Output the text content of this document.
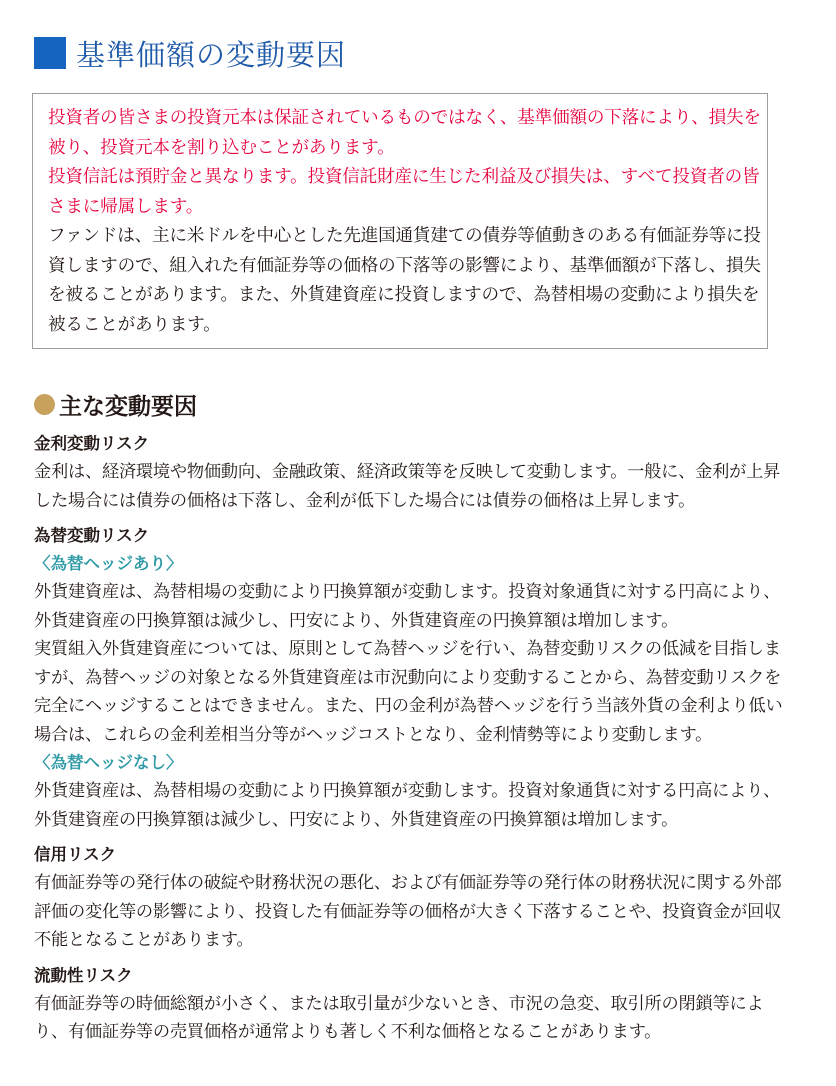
基準価額の変動要因

投資者の皆さまの投資元本は保証されているものではなく、基準価額の下落により、損失を被り、投資元本を割り込むことがあります。

投資信託は預貯金と異なります。投資信託財産に生じた利益及び損失は、すべて投資者の皆さまに帰属します。

ファンドは、主に米ドルを中心とした先進国通貨建ての債券等値動きのある有価証券等に投資しますので、組入れた有価証券等の価格の下落等の影響により、基準価額が下落し、損失を被ることがあります。また、外貨建資産に投資しますので、為替相場の変動により損失を被ることがあります。

主な変動要因
金利変動リスク

金利は、経済環境や物価動向、金融政策、経済政策等を反映して変動します。一般に、金利が上昇した場合には債券の価格は下落し、金利が低下した場合には債券の価格は上昇します。

為替変動リスク
〈為替ヘッジあり〉

外貨建資産は、為替相場の変動により円換算額が変動します。投資対象通貨に対する円高により、外貨建資産の円換算額は減少し、円安により、外貨建資産の円換算額は増加します。

実質組入外貨建資産については、原則として為替ヘッジを行い、為替変動リスクの低減を目指しますが、為替ヘッジの対象となる外貨建資産は市況動向により変動することから、為替変動リスクを完全にヘッジすることはできません。また、円の金利が為替ヘッジを行う当該外貨の金利より低い場合は、これらの金利差相当分等がヘッジコストとなり、金利情勢等により変動します。

〈為替ヘッジなし〉

外貨建資産は、為替相場の変動により円換算額が変動します。投資対象通貨に対する円高により、外貨建資産の円換算額は減少し、円安により、外貨建資産の円換算額は増加します。

信用リスク

有価証券等の発行体の破綻や財務状況の悪化、および有価証券等の発行体の財務状況に関する外部評価の変化等の影響により、投資した有価証券等の価格が大きく下落することや、投資資金が回収不能となることがあります。

流動性リスク

有価証券等の時価総額が小さく、または取引量が少ないとき、市況の急変、取引所の閉鎖等により、有価証券等の売買価格が通常よりも著しく不利な価格となることがあります。
